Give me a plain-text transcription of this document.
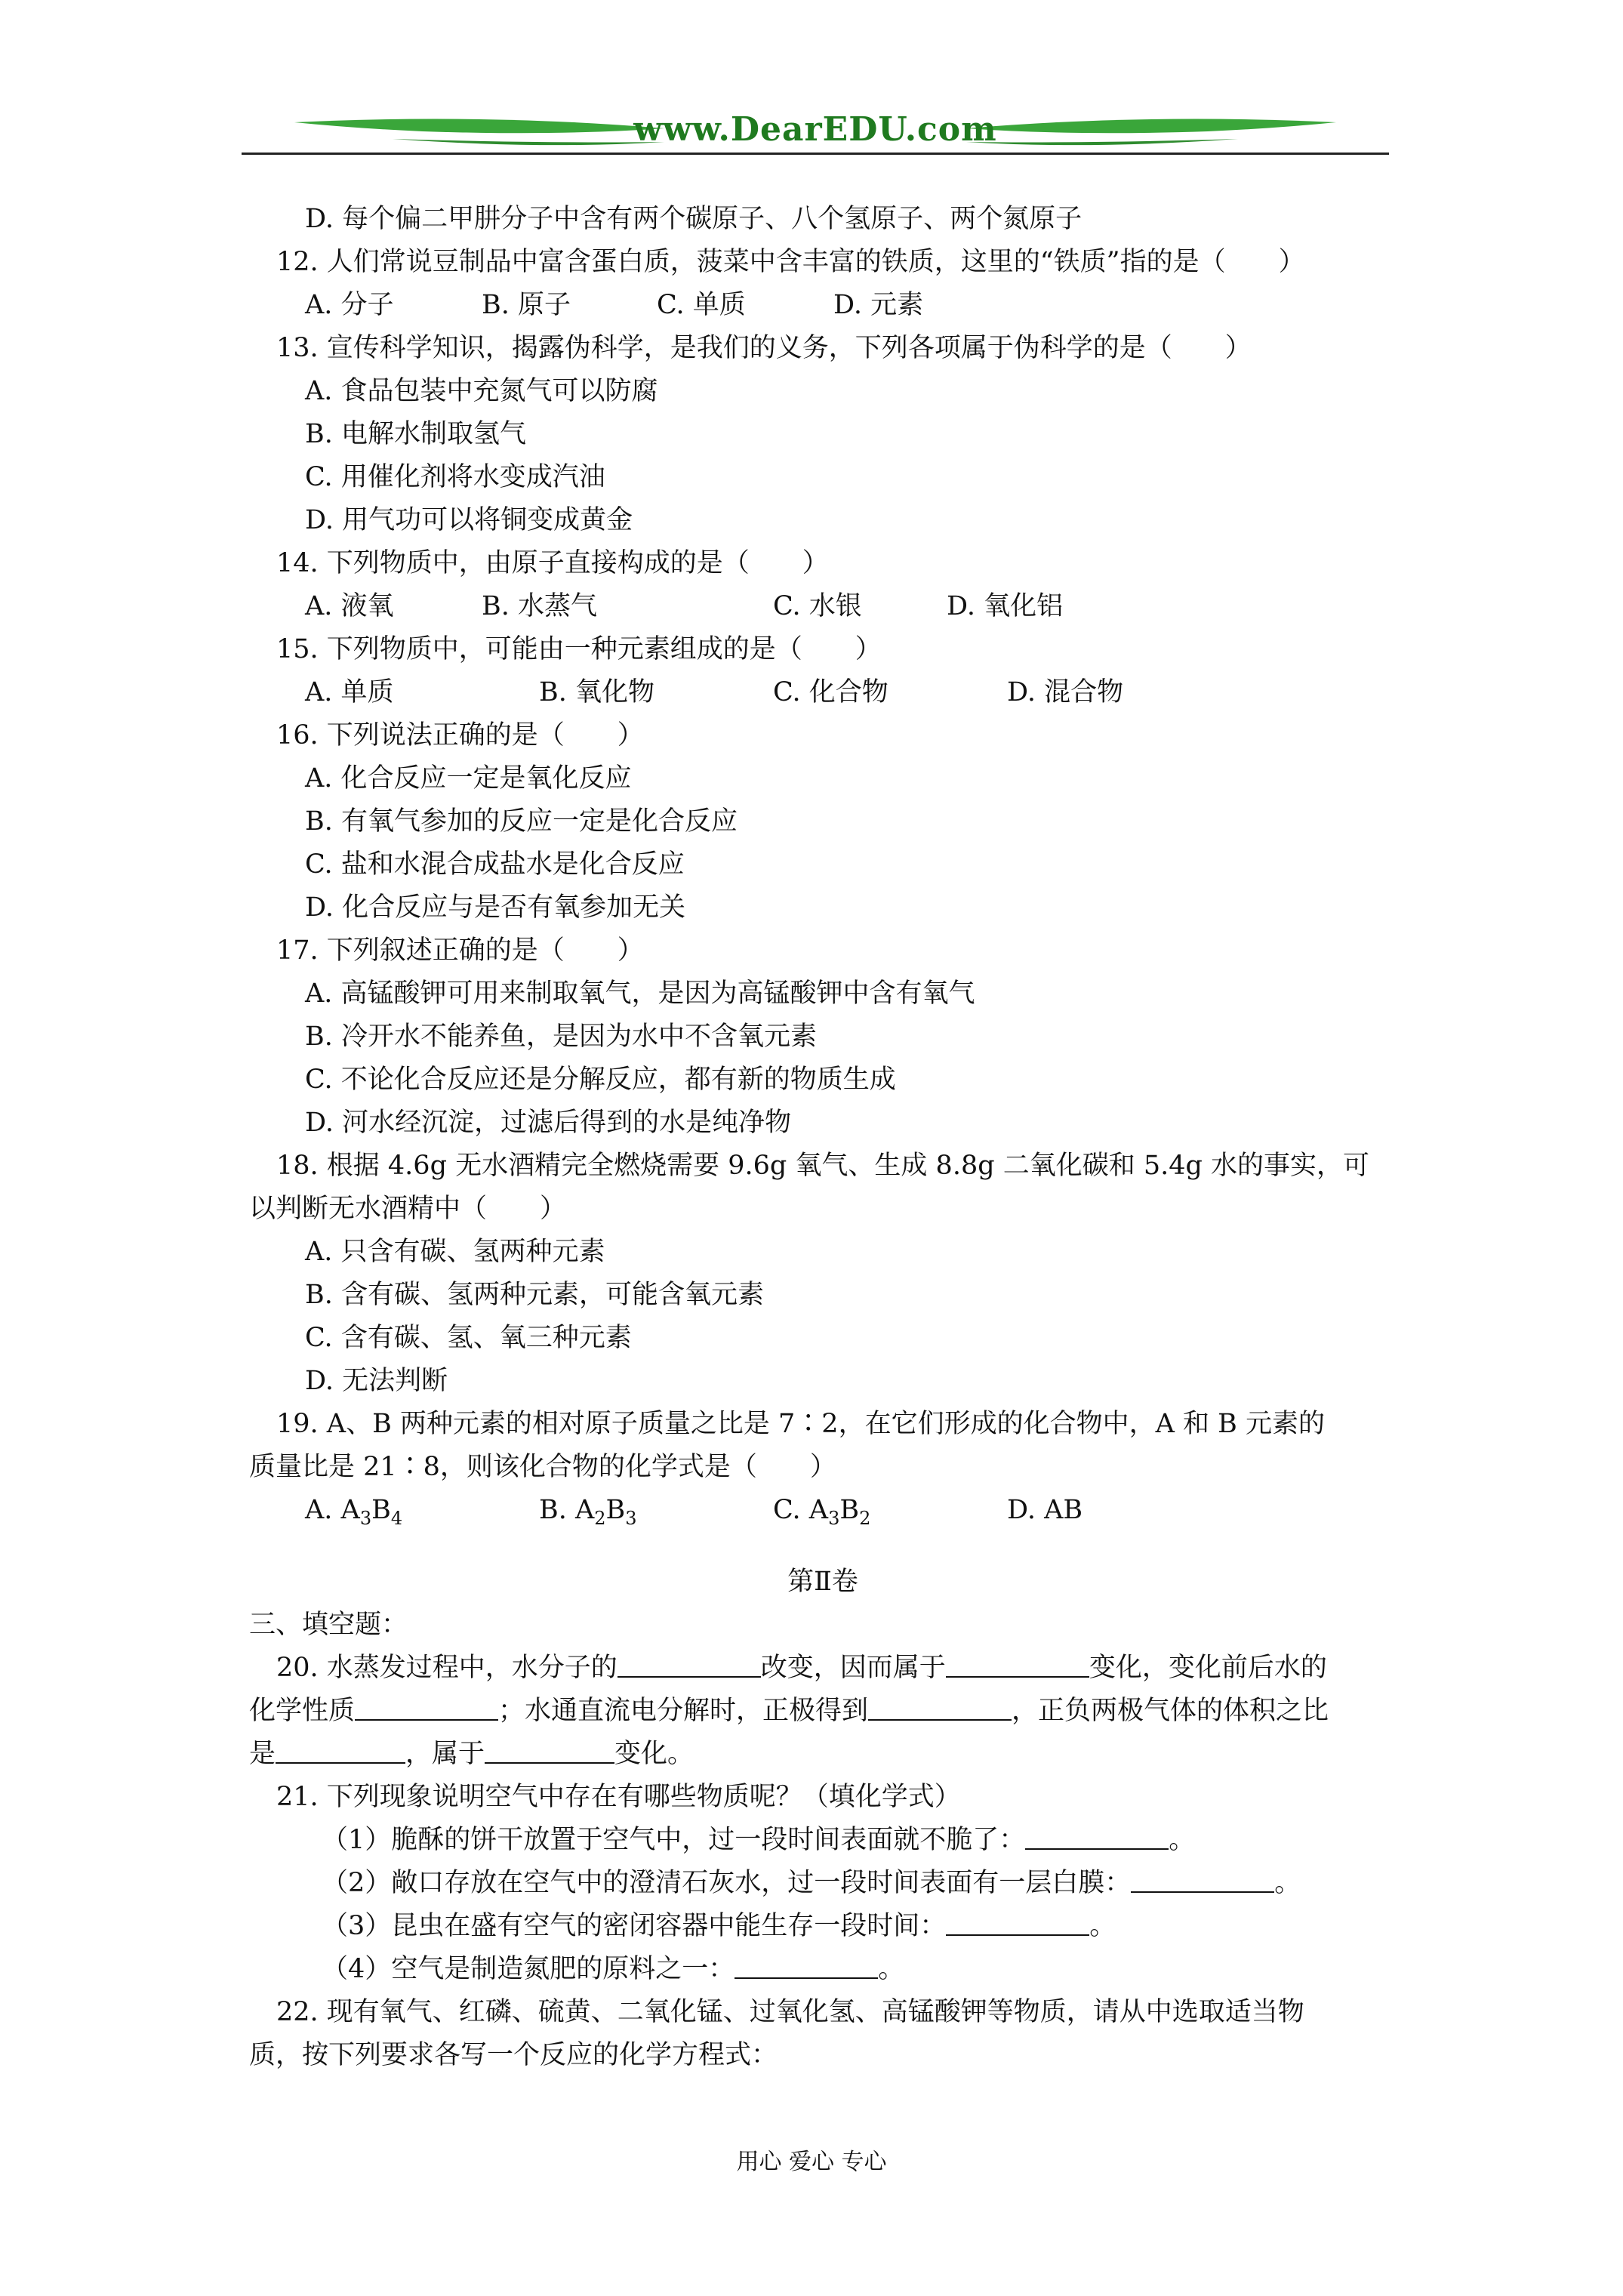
www.DearEDU.com
D. 每个偏二甲肼分子中含有两个碳原子、八个氢原子、两个氮原子
12. 人们常说豆制品中富含蛋白质，菠菜中含丰富的铁质，这里的“铁质”指的是（　　）
A. 分子	B. 原子	C. 单质	D. 元素
13. 宣传科学知识，揭露伪科学，是我们的义务，下列各项属于伪科学的是（　　）
A. 食品包装中充氮气可以防腐
B. 电解水制取氢气
C. 用催化剂将水变成汽油
D. 用气功可以将铜变成黄金
14. 下列物质中，由原子直接构成的是（　　）
A. 液氧	B. 水蒸气	C. 水银	D. 氧化铝
15. 下列物质中，可能由一种元素组成的是（　　）
A. 单质	B. 氧化物	C. 化合物	D. 混合物
16. 下列说法正确的是（　　）
A. 化合反应一定是氧化反应
B. 有氧气参加的反应一定是化合反应
C. 盐和水混合成盐水是化合反应
D. 化合反应与是否有氧参加无关
17. 下列叙述正确的是（　　）
A. 高锰酸钾可用来制取氧气，是因为高锰酸钾中含有氧气
B. 冷开水不能养鱼，是因为水中不含氧元素
C. 不论化合反应还是分解反应，都有新的物质生成
D. 河水经沉淀，过滤后得到的水是纯净物
18. 根据 4.6g 无水酒精完全燃烧需要 9.6g 氧气、生成 8.8g 二氧化碳和 5.4g 水的事实，可
以判断无水酒精中（　　）
A. 只含有碳、氢两种元素
B. 含有碳、氢两种元素，可能含氧元素
C. 含有碳、氢、氧三种元素
D. 无法判断
19. A、B 两种元素的相对原子质量之比是 7∶2，在它们形成的化合物中，A 和 B 元素的
质量比是 21∶8，则该化合物的化学式是（　　）
A. $A_3B_4$	B. $A_2B_3$	C. $A_3B_2$	D. AB
第Ⅱ卷
三、填空题：
20. 水蒸发过程中，水分子的	改变，因而属于	变化，变化前后水的
化学性质	；水通直流电分解时，正极得到	，正负两极气体的体积之比
是	，属于	变化。
21. 下列现象说明空气中存在有哪些物质呢？（填化学式）
（1）脆酥的饼干放置于空气中，过一段时间表面就不脆了：	。
（2）敞口存放在空气中的澄清石灰水，过一段时间表面有一层白膜：	。
（3）昆虫在盛有空气的密闭容器中能生存一段时间：	。
（4）空气是制造氮肥的原料之一：	。
22. 现有氧气、红磷、硫黄、二氧化锰、过氧化氢、高锰酸钾等物质，请从中选取适当物
质，按下列要求各写一个反应的化学方程式：
用心 爱心 专心
